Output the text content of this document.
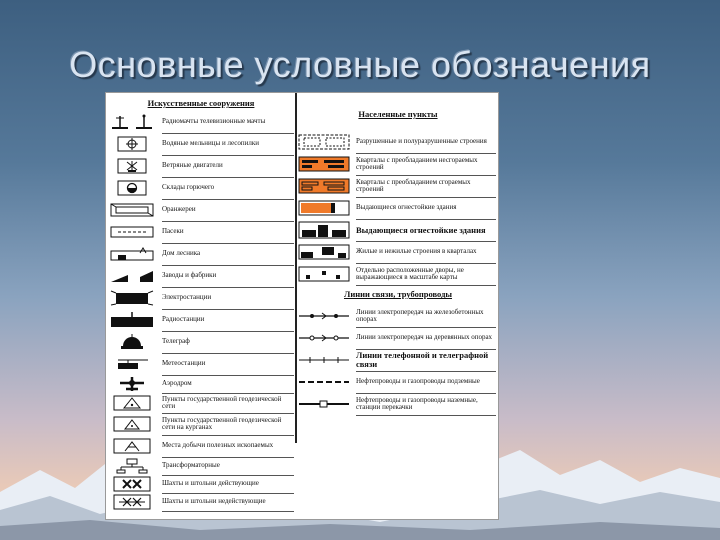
Основные условные обозначения
Искусственные сооружения
Радиомачты телевизионные мачты
Водяные мельницы и лесопилки
Ветряные двигатели
Склады горючего
Оранжереи
Пасеки
Дом лесника
Заводы и фабрики
Электростанции
Радиостанции
Телеграф
Метеостанции
Аэродром
Пункты государственной геодезической сети
Пункты государственной геодезической сети на курганах
Места добычи полезных ископаемых
Трансформаторные
Шахты и штольни действующие
Шахты и штольни недействующие
Населенные пункты
Разрушенные и полуразрушенные строения
Кварталы с преобладанием несгораемых строений
Кварталы с преобладанием сгораемых строений
Выдающиеся огнестойкие здания
Выдающиеся огнестойкие здания
Жилые и нежилые строения в кварталах
Отдельно расположенные дворы, не выражающиеся в масштабе карты
Линии связи, трубопроводы
Линии электропередач на железобетонных опорах
Линии электропередач на деревянных опорах
Линии телефонной и телеграфной связи
Нефтепроводы и газопроводы подземные
Нефтепроводы и газопроводы наземные, станции перекачки
